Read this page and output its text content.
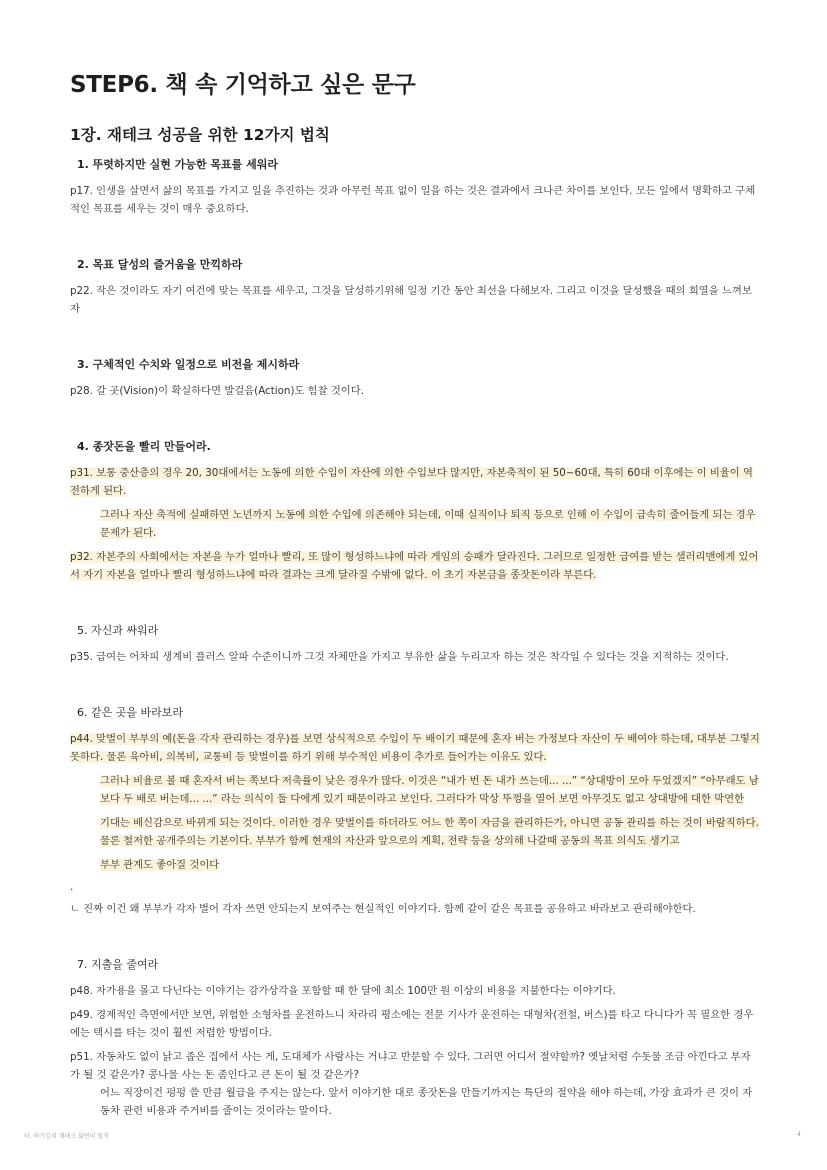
STEP6. 책 속 기억하고 싶은 문구
1장. 재테크 성공을 위한 12가지 법칙
1. 뚜렷하지만 실현 가능한 목표를 세워라
p17. 인생을 살면서 삶의 목표를 가지고 일을 추진하는 것과 아무런 목표 없이 일을 하는 것은 결과에서 크나큰 차이를 보인다. 모든 일에서 명확하고 구체적인 목표를 세우는 것이 매우 중요하다.
2. 목표 달성의 즐거움을 만끽하라
p22. 작은 것이라도 자기 여건에 맞는 목표를 세우고, 그것을 달성하기위해 일정 기간 동안 최선을 다해보자. 그리고 이것을 달성했을 때의 희열을 느껴보자
3. 구체적인 수치와 일정으로 비전을 제시하라
p28. 갈 곳(Vision)이 확실하다면 발걸음(Action)도 힘찰 것이다.
4. 종잣돈을 빨리 만들어라.
p31. 보통 중산층의 경우 20, 30대에서는 노동에 의한 수입이 자산에 의한 수입보다 많지만, 자본축적이 된 50~60대, 특히 60대 이후에는 이 비율이 역전하게 된다.
그러나 자산 축적에 실패하면 노년까지 노동에 의한 수입에 의존해야 되는데, 이때 실직이나 퇴직 등으로 인해 이 수입이 급속히 줄어들게 되는 경우 문제가 된다.
p32. 자본주의 사회에서는 자본을 누가 얼마나 빨리, 또 많이 형성하느냐에 따라 게임의 승패가 달라진다. 그러므로 일정한 급여를 받는 샐러리맨에게 있어서 자기 자본을 얼마나 빨리 형성하느냐에 따라 결과는 크게 달라질 수밖에 없다. 이 초기 자본금을 종잣돈이라 부른다.
5. 자신과 싸워라
p35. 급여는 어차피 생계비 플러스 알파 수준이니까 그것 자체만을 가지고 부유한 삶을 누리고자 하는 것은 착각일 수 있다는 것을 지적하는 것이다.
6. 같은 곳을 바라보라
p44. 맞벌이 부부의 예(돈을 각자 관리하는 경우)를 보면 상식적으로 수입이 두 배이기 때문에 혼자 버는 가정보다 자산이 두 배여야 하는데, 대부분 그렇지 못하다. 물론 육아비, 의복비, 교통비 등 맞벌이를 하기 위해 부수적인 비용이 추가로 들어가는 이유도 있다.
그러나 비율로 볼 때 혼자서 버는 쪽보다 저축률이 낮은 경우가 많다. 이것은 “내가 번 돈 내가 쓰는데... ...” “상대방이 모아 두었겠지” “아무래도 남보다 두 배로 버는데... ...” 라는 의식이 둘 다에게 있기 때문이라고 보인다. 그러다가 막상 뚜껑을 열어 보면 아무것도 없고 상대방에 대한 막연한
기대는 배신감으로 바뀌게 되는 것이다. 이러한 경우 맞벌이를 하더라도 어느 한 쪽이 자금을 관리하든가, 아니면 공동 관리를 하는 것이 바람직하다. 물론 철저한 공개주의는 기본이다. 부부가 함께 현재의 자산과 앞으로의 계획, 전략 등을 상의해 나갈때 공동의 목표 의식도 생기고
부부 관계도 좋아질 것이다
.
ㄴ 진짜 이건 왜 부부가 각자 벌어 각자 쓰면 안되는지 보여주는 현실적인 이야기다. 함께 같이 같은 목표를 공유하고 바라보고 관리해야한다.
7. 지출을 줄여라
p48. 자가용을 몰고 다닌다는 이야기는 감가상각을 포함할 때 한 달에 최소 100만 원 이상의 비용을 지불한다는 이야기다.
p49. 경제적인 측면에서만 보면, 위험한 소형차를 운전하느니 차라리 평소에는 전문 기사가 운전하는 대형차(전철, 버스)를 타고 다니다가 꼭 필요한 경우에는 택시를 타는 것이 훨씬 저렴한 방법이다.
p51. 자동차도 없이 낡고 좁은 집에서 사는 게, 도대체가 사람사는 거냐고 반문할 수 있다. 그러면 어디서 절약할까? 옛날처럼 수돗물 조금 아낀다고 부자가 될 것 같은가? 콩나물 사는 돈 좀인다고 큰 돈이 될 것 같은가?
어느 직장이건 펑펑 쓸 만큼 월급을 주지는 않는다. 앞서 이야기한 대로 종잣돈을 만들기까지는 특단의 절약을 해야 하는데, 가장 효과가 큰 것이 자동차 관련 비용과 주거비를 줄이는 것이라는 말이다.
마. 하기김의 재테크 불변의 법칙	4
